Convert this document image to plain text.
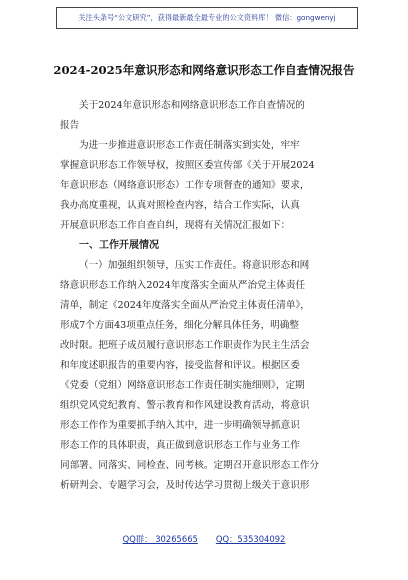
关注头条号“公文研究”，获得最新最全最专业的公文资料库！ 微信：gongwenyj
2024-2025年意识形态和网络意识形态工作自查情况报告
关于2024年意识形态和网络意识形态工作自查情况的
报告
为进一步推进意识形态工作责任制落实到实处，牢牢
掌握意识形态工作领导权，按照区委宣传部《关于开展2024
年意识形态（网络意识形态）工作专项督查的通知》要求，
我办高度重视，认真对照检查内容，结合工作实际，认真
开展意识形态工作自查自纠，现将有关情况汇报如下：
一、工作开展情况
（一）加强组织领导，压实工作责任。将意识形态和网
络意识形态工作纳入2024年度落实全面从严治党主体责任
清单，制定《2024年度落实全面从严治党主体责任清单》，
形成7个方面43项重点任务，细化分解具体任务，明确整
改时限。把班子成员履行意识形态工作职责作为民主生活会
和年度述职报告的重要内容，接受监督和评议。根据区委
《党委（党组）网络意识形态工作责任制实施细则》，定期
组织党风党纪教育、警示教育和作风建设教育活动，将意识
形态工作作为重要抓手纳入其中，进一步明确领导抓意识
形态工作的具体职责，真正做到意识形态工作与业务工作
同部署、同落实、同检查、同考核。定期召开意识形态工作分
析研判会、专题学习会，及时传达学习贯彻上级关于意识形
QQ群： 30265665 QQ：535304092
